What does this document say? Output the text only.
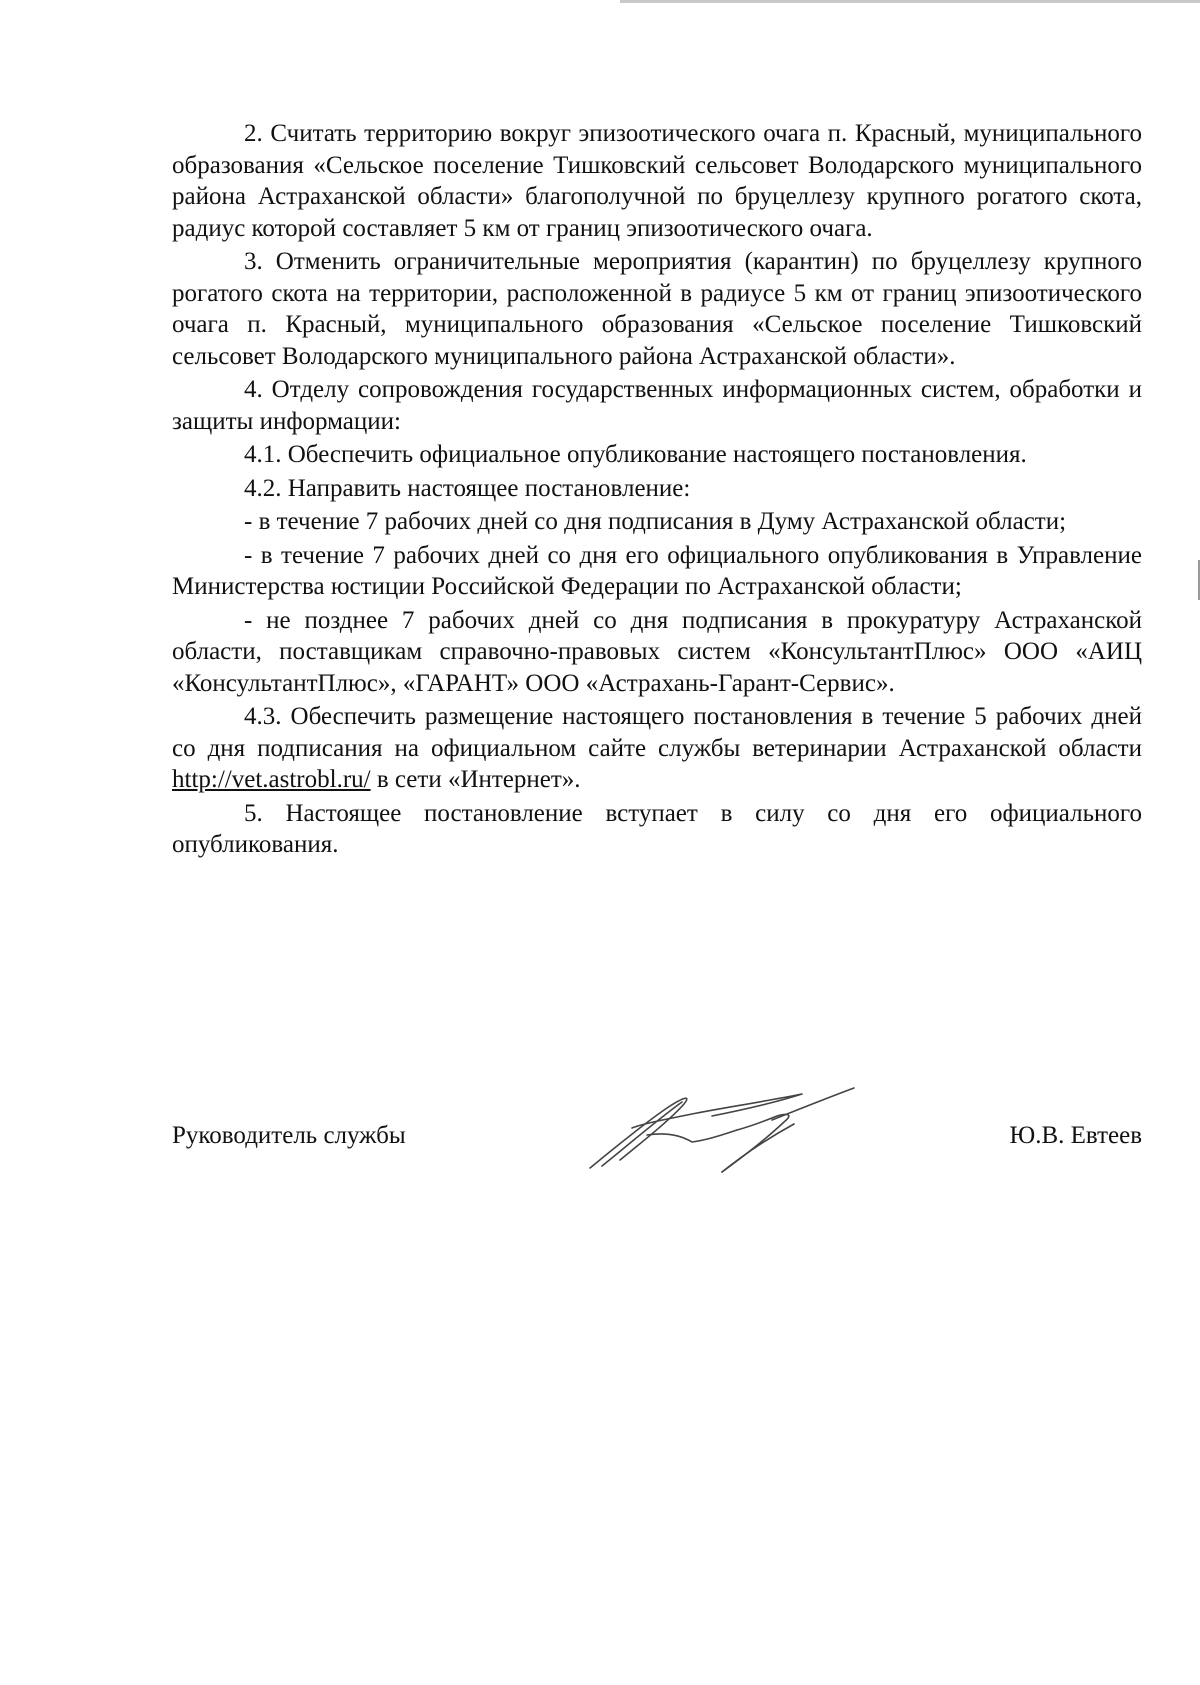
2. Считать территорию вокруг эпизоотического очага п. Красный, муниципального образования «Сельское поселение Тишковский сельсовет Володарского муниципального района Астраханской области» благополучной по бруцеллезу крупного рогатого скота, радиус которой составляет 5 км от границ эпизоотического очага.

3. Отменить ограничительные мероприятия (карантин) по бруцеллезу крупного рогатого скота на территории, расположенной в радиусе 5 км от границ эпизоотического очага п. Красный, муниципального образования «Сельское поселение Тишковский сельсовет Володарского муниципального района Астраханской области».

4. Отделу сопровождения государственных информационных систем, обработки и защиты информации:

4.1. Обеспечить официальное опубликование настоящего постановления.

4.2. Направить настоящее постановление:

- в течение 7 рабочих дней со дня подписания в Думу Астраханской области;

- в течение 7 рабочих дней со дня его официального опубликования в Управление Министерства юстиции Российской Федерации по Астраханской области;

- не позднее 7 рабочих дней со дня подписания в прокуратуру Астраханской области, поставщикам справочно-правовых систем «КонсультантПлюс» ООО «АИЦ «КонсультантПлюс», «ГАРАНТ» ООО «Астрахань-Гарант-Сервис».

4.3. Обеспечить размещение настоящего постановления в течение 5 рабочих дней со дня подписания на официальном сайте службы ветеринарии Астраханской области http://vet.astrobl.ru/ в сети «Интернет».

5. Настоящее постановление вступает в силу со дня его официального опубликования.

Руководитель службы	Ю.В. Евтеев
